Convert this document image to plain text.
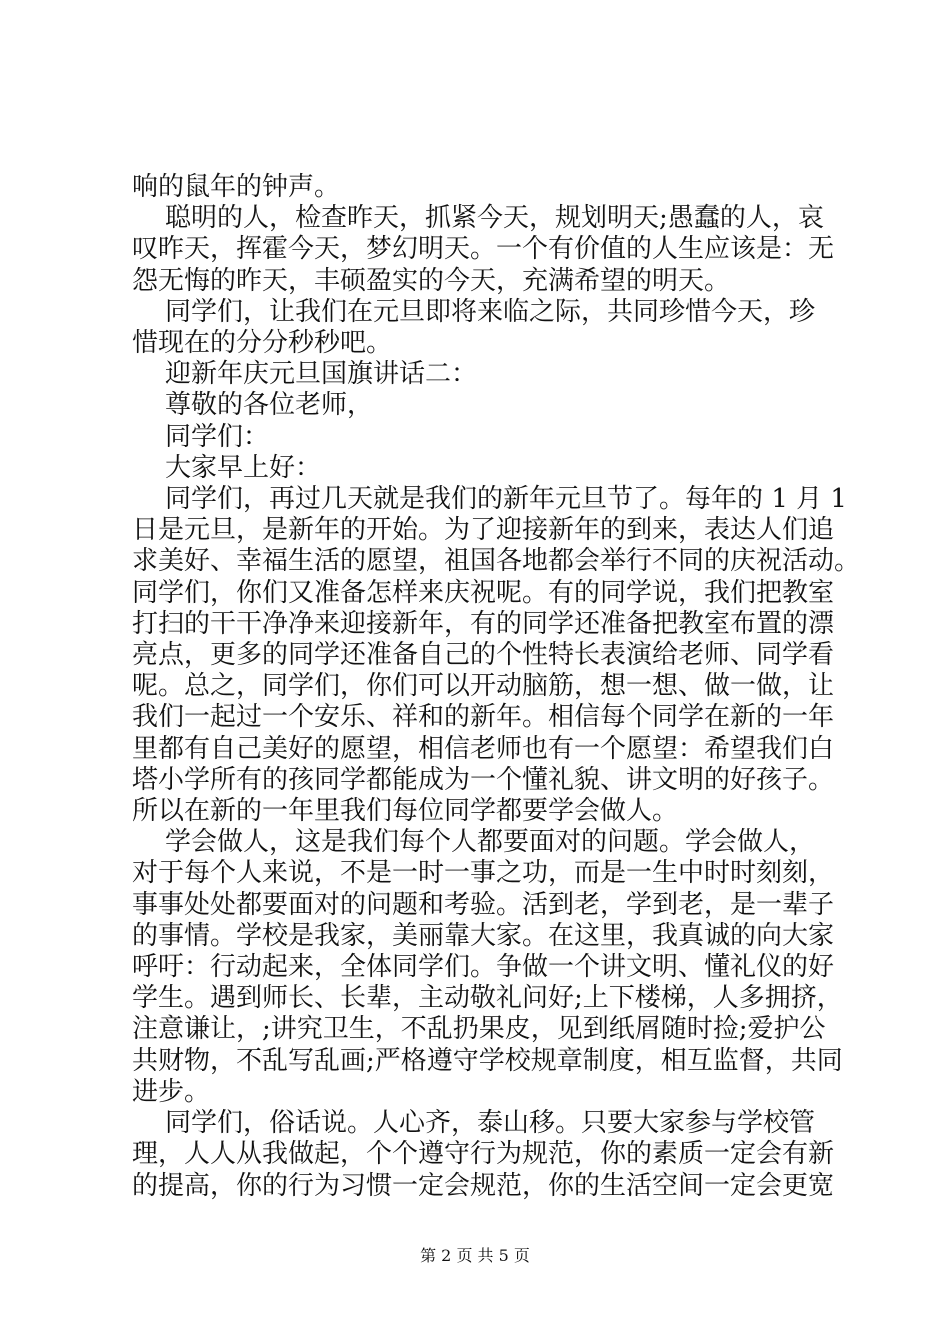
响的鼠年的钟声。

聪明的人，检查昨天，抓紧今天，规划明天;愚蠢的人，哀

叹昨天，挥霍今天，梦幻明天。一个有价值的人生应该是：无

怨无悔的昨天，丰硕盈实的今天，充满希望的明天。

同学们，让我们在元旦即将来临之际，共同珍惜今天，珍

惜现在的分分秒秒吧。

迎新年庆元旦国旗讲话二：

尊敬的各位老师，

同学们：

大家早上好：

同学们，再过几天就是我们的新年元旦节了。每年的 1 月 1

日是元旦，是新年的开始。为了迎接新年的到来，表达人们追

求美好、幸福生活的愿望，祖国各地都会举行不同的庆祝活动。

同学们，你们又准备怎样来庆祝呢。有的同学说，我们把教室

打扫的干干净净来迎接新年，有的同学还准备把教室布置的漂

亮点，更多的同学还准备自己的个性特长表演给老师、同学看

呢。总之，同学们，你们可以开动脑筋，想一想、做一做，让

我们一起过一个安乐、祥和的新年。相信每个同学在新的一年

里都有自己美好的愿望，相信老师也有一个愿望：希望我们白

塔小学所有的孩同学都能成为一个懂礼貌、讲文明的好孩子。

所以在新的一年里我们每位同学都要学会做人。

学会做人，这是我们每个人都要面对的问题。学会做人，

对于每个人来说，不是一时一事之功，而是一生中时时刻刻，

事事处处都要面对的问题和考验。活到老，学到老，是一辈子

的事情。学校是我家，美丽靠大家。在这里，我真诚的向大家

呼吁：行动起来，全体同学们。争做一个讲文明、懂礼仪的好

学生。遇到师长、长辈，主动敬礼问好;上下楼梯，人多拥挤，

注意谦让，;讲究卫生，不乱扔果皮，见到纸屑随时捡;爱护公

共财物，不乱写乱画;严格遵守学校规章制度，相互监督，共同

进步。

同学们，俗话说。人心齐，泰山移。只要大家参与学校管

理，人人从我做起，个个遵守行为规范，你的素质一定会有新

的提高，你的行为习惯一定会规范，你的生活空间一定会更宽

第 2 页 共 5 页
